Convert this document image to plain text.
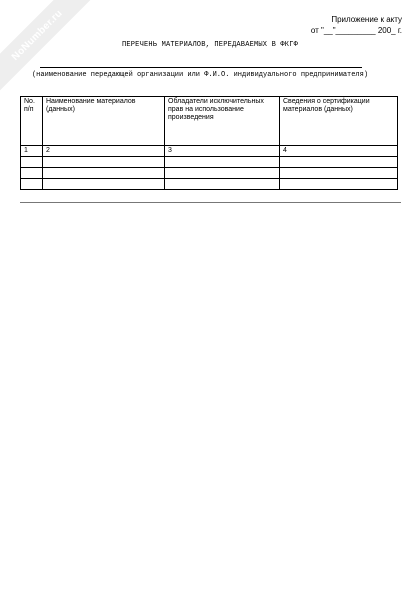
NoNumber.ru	Приложение к акту
от "__"_________ 200_ г.
ПЕРЕЧЕНЬ МАТЕРИАЛОВ, ПЕРЕДАВАЕМЫХ В ФКГФ
(наименование передающей организации или Ф.И.О. индивидуального предпринимателя)
No. п/п	Наименование материалов (данных)	Обладатели исключительных прав на использование произведения	Сведения о сертификации материалов (данных)
1	2	3	4
